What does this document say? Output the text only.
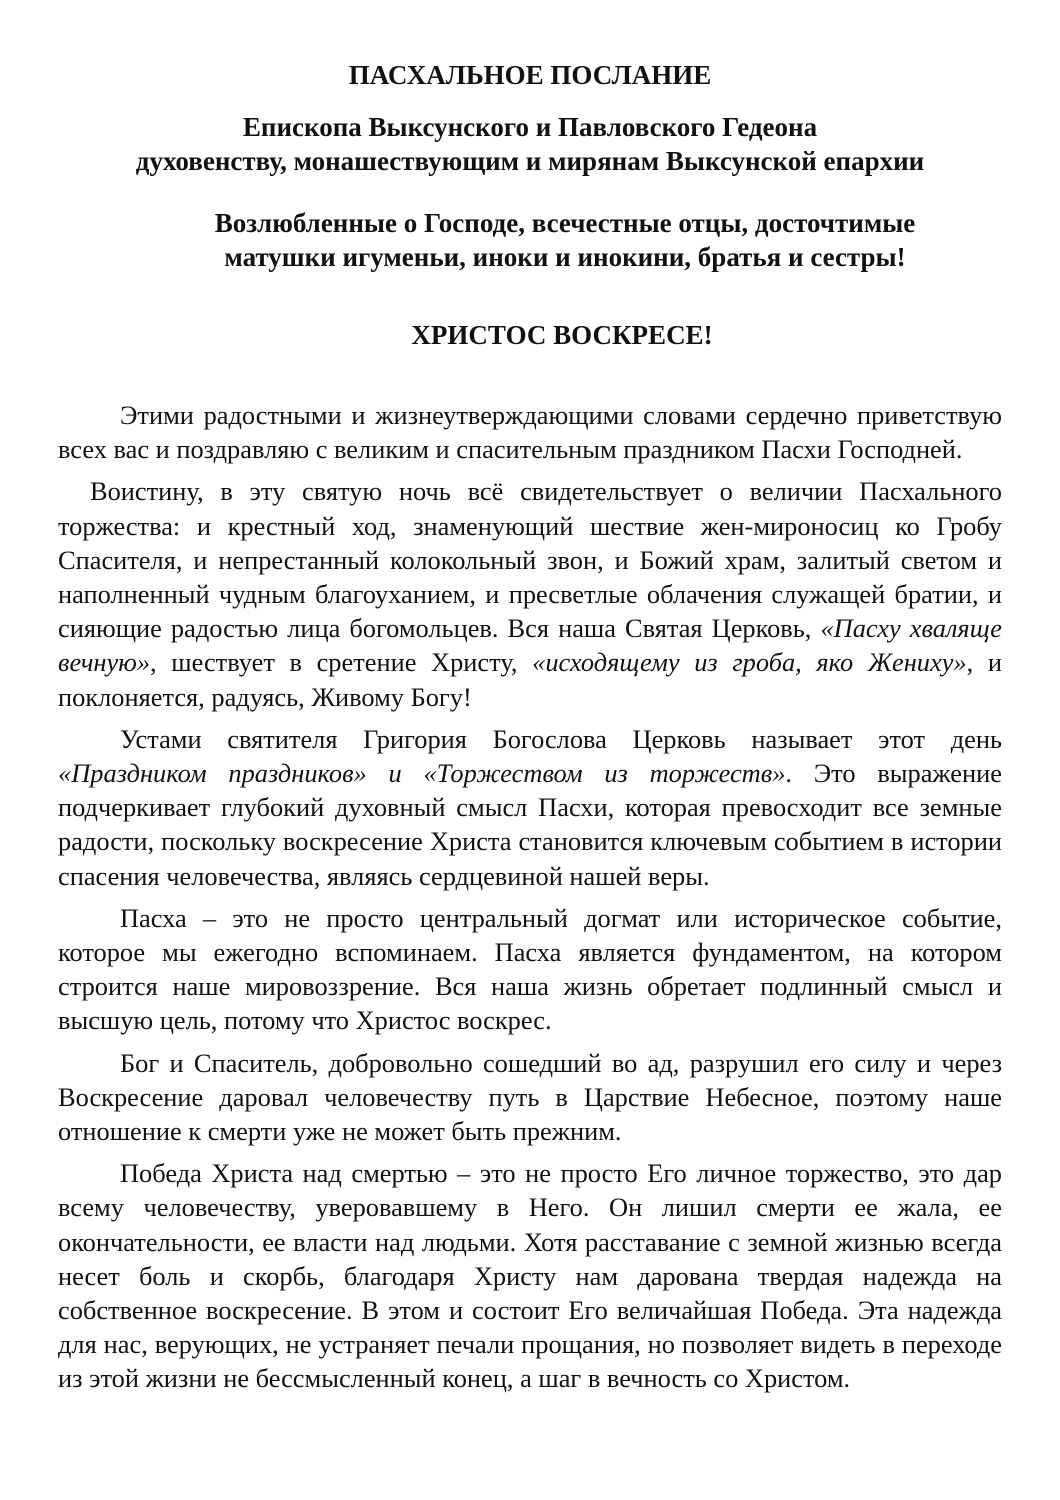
ПАСХАЛЬНОЕ ПОСЛАНИЕ
Епископа Выксунского и Павловского Гедеона
духовенству, монашествующим и мирянам Выксунской епархии
Возлюбленные о Господе, всечестные отцы, досточтимые
матушки игуменьи, иноки и инокини, братья и сестры!
ХРИСТОС ВОСКРЕСЕ!

Этими радостными и жизнеутверждающими словами сердечно приветствую всех вас и поздравляю с великим и спасительным праздником Пасхи Господней.

Воистину, в эту святую ночь всё свидетельствует о величии Пасхального торжества: и крестный ход, знаменующий шествие жен-мироносиц ко Гробу Спасителя, и непрестанный колокольный звон, и Божий храм, залитый светом и наполненный чудным благоуханием, и пресветлые облачения служащей братии, и сияющие радостью лица богомольцев. Вся наша Святая Церковь, «Пасху хваляще вечную», шествует в сретение Христу, «исходящему из гроба, яко Жениху», и поклоняется, радуясь, Живому Богу!

Устами святителя Григория Богослова Церковь называет этот день «Праздником праздников» и «Торжеством из торжеств». Это выражение подчеркивает глубокий духовный смысл Пасхи, которая превосходит все земные радости, поскольку воскресение Христа становится ключевым событием в истории спасения человечества, являясь сердцевиной нашей веры.

Пасха – это не просто центральный догмат или историческое событие, которое мы ежегодно вспоминаем. Пасха является фундаментом, на котором строится наше мировоззрение. Вся наша жизнь обретает подлинный смысл и высшую цель, потому что Христос воскрес.

Бог и Спаситель, добровольно сошедший во ад, разрушил его силу и через Воскресение даровал человечеству путь в Царствие Небесное, поэтому наше отношение к смерти уже не может быть прежним.

Победа Христа над смертью – это не просто Его личное торжество, это дар всему человечеству, уверовавшему в Него. Он лишил смерти ее жала, ее окончательности, ее власти над людьми. Хотя расставание с земной жизнью всегда несет боль и скорбь, благодаря Христу нам дарована твердая надежда на собственное воскресение. В этом и состоит Его величайшая Победа. Эта надежда для нас, верующих, не устраняет печали прощания, но позволяет видеть в переходе из этой жизни не бессмысленный конец, а шаг в вечность со Христом.
